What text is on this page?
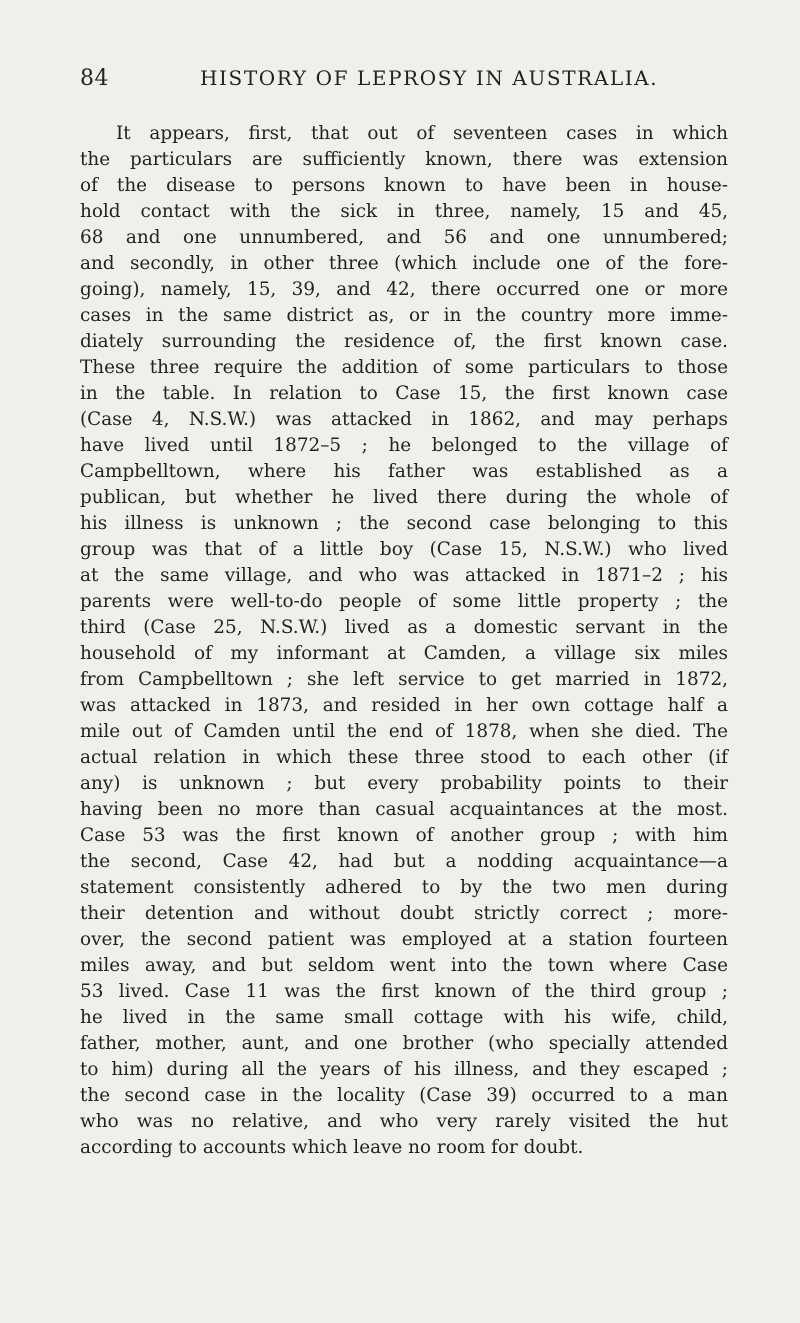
84	HISTORY OF LEPROSY IN AUSTRALIA.
It appears, first, that out of seventeen cases in which
the particulars are sufficiently known, there was extension
of the disease to persons known to have been in house-
hold contact with the sick in three, namely, 15 and 45,
68 and one unnumbered, and 56 and one unnumbered;
and secondly, in other three (which include one of the fore-
going), namely, 15, 39, and 42, there occurred one or more
cases in the same district as, or in the country more imme-
diately surrounding the residence of, the first known case.
These three require the addition of some particulars to those
in the table. In relation to Case 15, the first known case
(Case 4, N.S.W.) was attacked in 1862, and may perhaps
have lived until 1872–5 ; he belonged to the village of
Campbelltown, where his father was established as a
publican, but whether he lived there during the whole of
his illness is unknown ; the second case belonging to this
group was that of a little boy (Case 15, N.S.W.) who lived
at the same village, and who was attacked in 1871–2 ; his
parents were well-to-do people of some little property ; the
third (Case 25, N.S.W.) lived as a domestic servant in the
household of my informant at Camden, a village six miles
from Campbelltown ; she left service to get married in 1872,
was attacked in 1873, and resided in her own cottage half a
mile out of Camden until the end of 1878, when she died. The
actual relation in which these three stood to each other (if
any) is unknown ; but every probability points to their
having been no more than casual acquaintances at the most.
Case 53 was the first known of another group ; with him
the second, Case 42, had but a nodding acquaintance—a
statement consistently adhered to by the two men during
their detention and without doubt strictly correct ; more-
over, the second patient was employed at a station fourteen
miles away, and but seldom went into the town where Case
53 lived. Case 11 was the first known of the third group ;
he lived in the same small cottage with his wife, child,
father, mother, aunt, and one brother (who specially attended
to him) during all the years of his illness, and they escaped ;
the second case in the locality (Case 39) occurred to a man
who was no relative, and who very rarely visited the hut
according to accounts which leave no room for doubt.
